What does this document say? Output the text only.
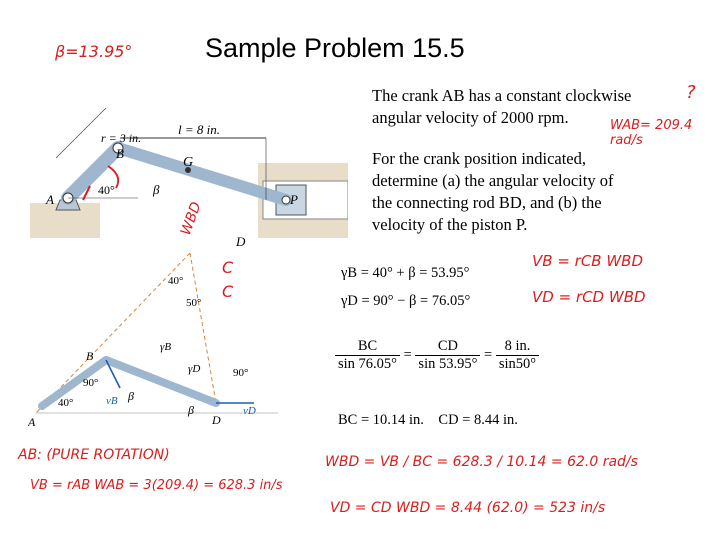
Sample Problem 15.5
The crank AB has a constant clockwise
angular velocity of 2000 rpm.
For the crank position indicated,
determine (a) the angular velocity of
the connecting rod BD, and (b) the
velocity of the piston P.
r = 3 in.
l = 8 in.
B
G
A
D
P
40°	β
40°
50°
γB
γD
B
A	D
40°
90°
90°
vB
vD
β
β
γB = 40° + β = 53.95°
γD = 90° − β = 76.05°
$\frac{BC}{\sin 76.05^\circ} = \frac{CD}{\sin 53.95^\circ} = \frac{8 in.}{\sin 50^\circ}$
BC = 10.14 in.    CD = 8.44 in.
β=13.95°
WAB= 209.4 rad/s
?
WBD
C
C
VB = rCB WBD
VD = rCD WBD
AB: (PURE ROTATION)
VB = rAB WAB = 3(209.4) = 628.3 in/s
WBD = VB / BC = 628.3 / 10.14 = 62.0 rad/s
VD = CD WBD = 8.44 (62.0) = 523 in/s
